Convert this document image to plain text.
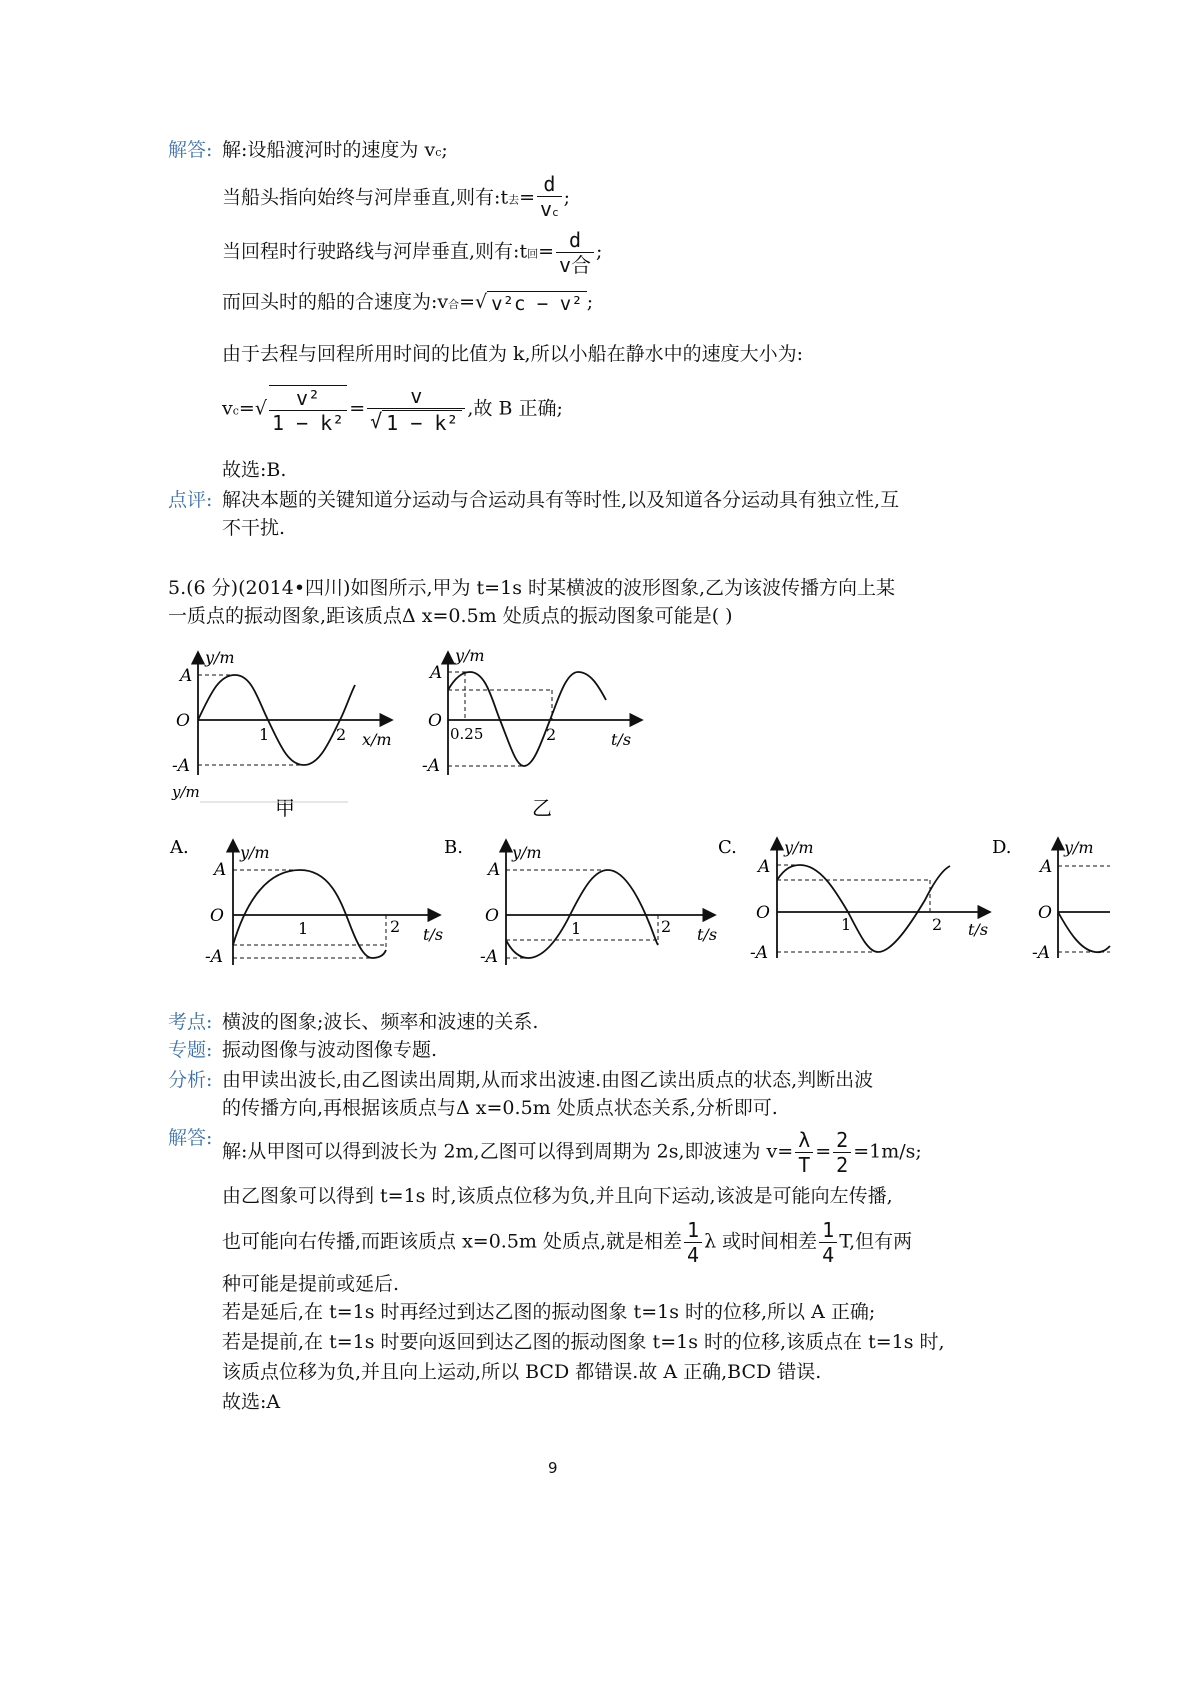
解答: 解:设船渡河时的速度为 vc;
当船头指向始终与河岸垂直,则有:t去= $\frac{d}{vc}$ ;
当回程时行驶路线与河岸垂直,则有:t回= $\frac{d}{\text{v合}}$ ;
而回头时的船的合速度为:v合=√ v²c − v² ;
由于去程与回程所用时间的比值为 k,所以小船在静水中的速度大小为:
$vc=√ \frac{\text{v²}}{\text{1 − k²}} = \frac{v}{\text{√ 1 − k²}}$ ,故 B 正确;
故选:B.
点评: 解决本题的关键知道分运动与合运动具有等时性,以及知道各分运动具有独立性,互
不干扰.
5.(6 分)(2014•四川)如图所示,甲为 t=1s 时某横波的波形图象,乙为该波传播方向上某
一质点的振动图象,距该质点Δ x=0.5m 处质点的振动图象可能是( )
y/m
A
O
-A
1	2 x/m
甲
y/m
A
O
-A
0.25	2	t/s
乙
y/m
A.	y/m
A
O
-A
1	2 t/s
B.	y/m
A
O
-A
1	2 t/s
C.	y/m
A
O
-A
1	2 t/s
D.	y/m
A
O
-A
考点: 横波的图象;波长、频率和波速的关系.
专题: 振动图像与波动图像专题.
分析: 由甲读出波长,由乙图读出周期,从而求出波速.由图乙读出质点的状态,判断出波
的传播方向,再根据该质点与Δ x=0.5m 处质点状态关系,分析即可.
解答:
解:从甲图可以得到波长为 2m,乙图可以得到周期为 2s,即波速为 $v= \frac{\lambda}{T} = \frac{2}{2} =1m/s$;
由乙图象可以得到 t=1s 时,该质点位移为负,并且向下运动,该波是可能向左传播,
也可能向右传播,而距该质点 x=0.5m 处质点,就是相差 $\frac{1}{4}$ λ 或时间相差 $\frac{1}{4} T$,但有两
种可能是提前或延后.
若是延后,在 t=1s 时再经过到达乙图的振动图象 t=1s 时的位移,所以 A 正确;
若是提前,在 t=1s 时要向返回到达乙图的振动图象 t=1s 时的位移,该质点在 t=1s 时,
该质点位移为负,并且向上运动,所以 BCD 都错误.故 A 正确,BCD 错误.
故选:A
9
